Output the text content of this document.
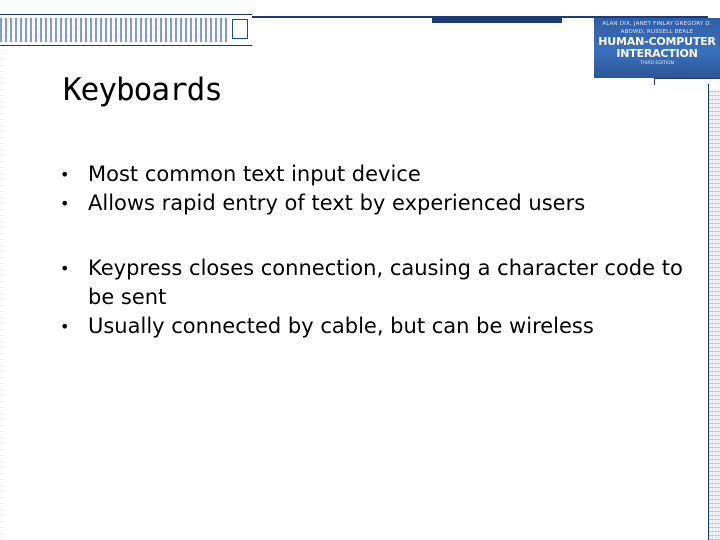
ALAN DIX, JANET FINLAY GREGORY D. ABOWD, RUSSELL BEALE
HUMAN-COMPUTER
INTERACTION
THIRD EDITION
Keyboards
• Most common text input device
• Allows rapid entry of text by experienced users
• Keypress closes connection, causing a character code to be sent
• Usually connected by cable, but can be wireless
